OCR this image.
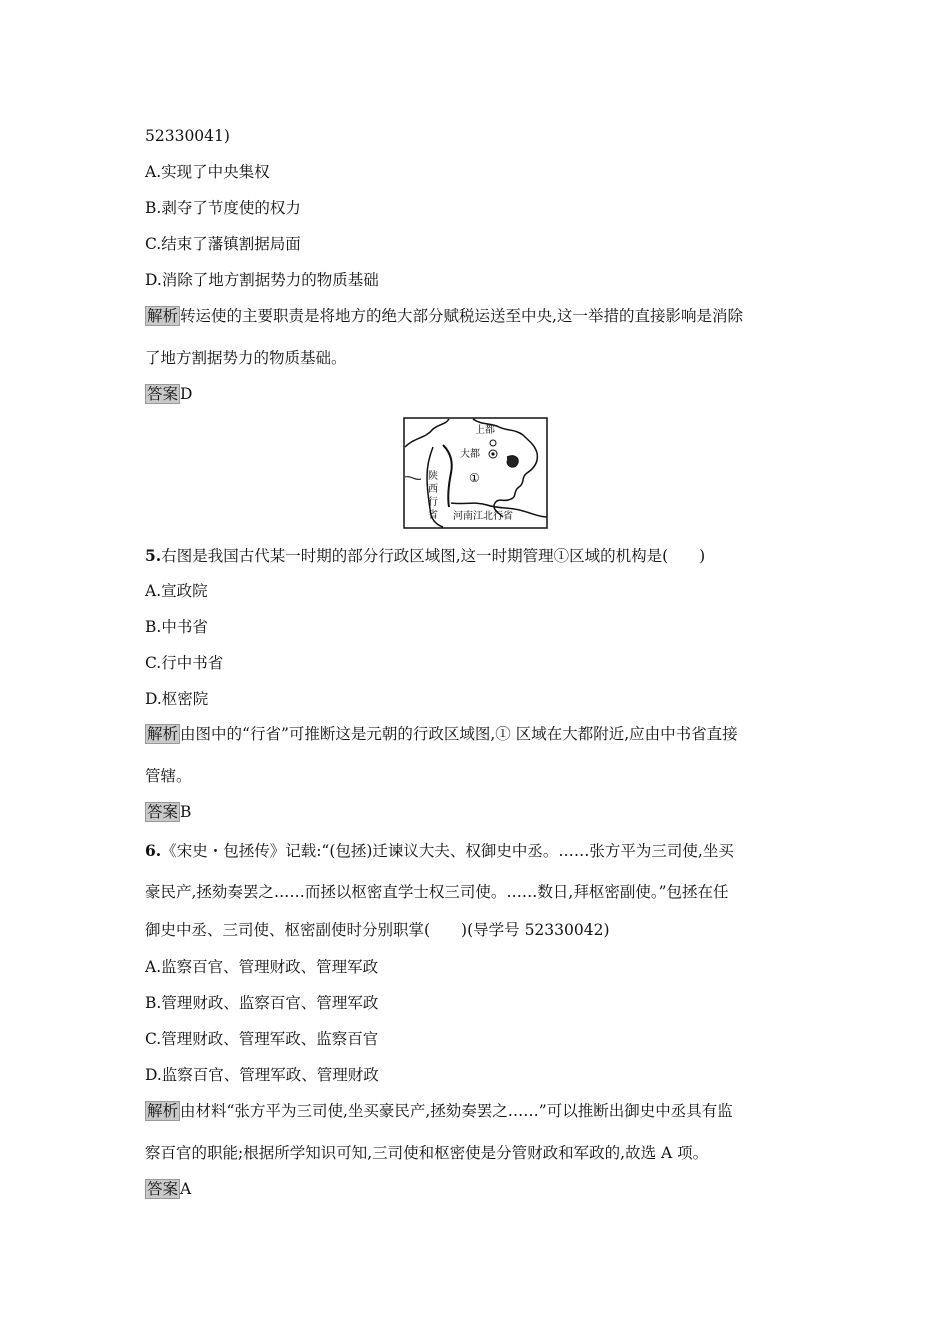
52330041)
A.实现了中央集权
B.剥夺了节度使的权力
C.结束了藩镇割据局面
D.消除了地方割据势力的物质基础
解析 转运使的主要职责是将地方的绝大部分赋税运送至中央,这一举措的直接影响是消除
了地方割据势力的物质基础。
答案 D
上都
大都
①
陕
西
行
省 河南江北行省
5.右图是我国古代某一时期的部分行政区域图,这一时期管理①区域的机构是(　　)
A.宣政院
B.中书省
C.行中书省
D.枢密院
解析 由图中的“行省”可推断这是元朝的行政区域图,① 区域在大都附近,应由中书省直接
管辖。
答案 B
6.《宋史・包拯传》记载:“(包拯)迁谏议大夫、权御史中丞。……张方平为三司使,坐买
豪民产,拯劾奏罢之……而拯以枢密直学士权三司使。……数日,拜枢密副使。”包拯在任
御史中丞、三司使、枢密副使时分别职掌(　　)(导学号 52330042)
A.监察百官、管理财政、管理军政
B.管理财政、监察百官、管理军政
C.管理财政、管理军政、监察百官
D.监察百官、管理军政、管理财政
解析 由材料“张方平为三司使,坐买豪民产,拯劾奏罢之……”可以推断出御史中丞具有监
察百官的职能;根据所学知识可知,三司使和枢密使是分管财政和军政的,故选 A 项。
答案 A
